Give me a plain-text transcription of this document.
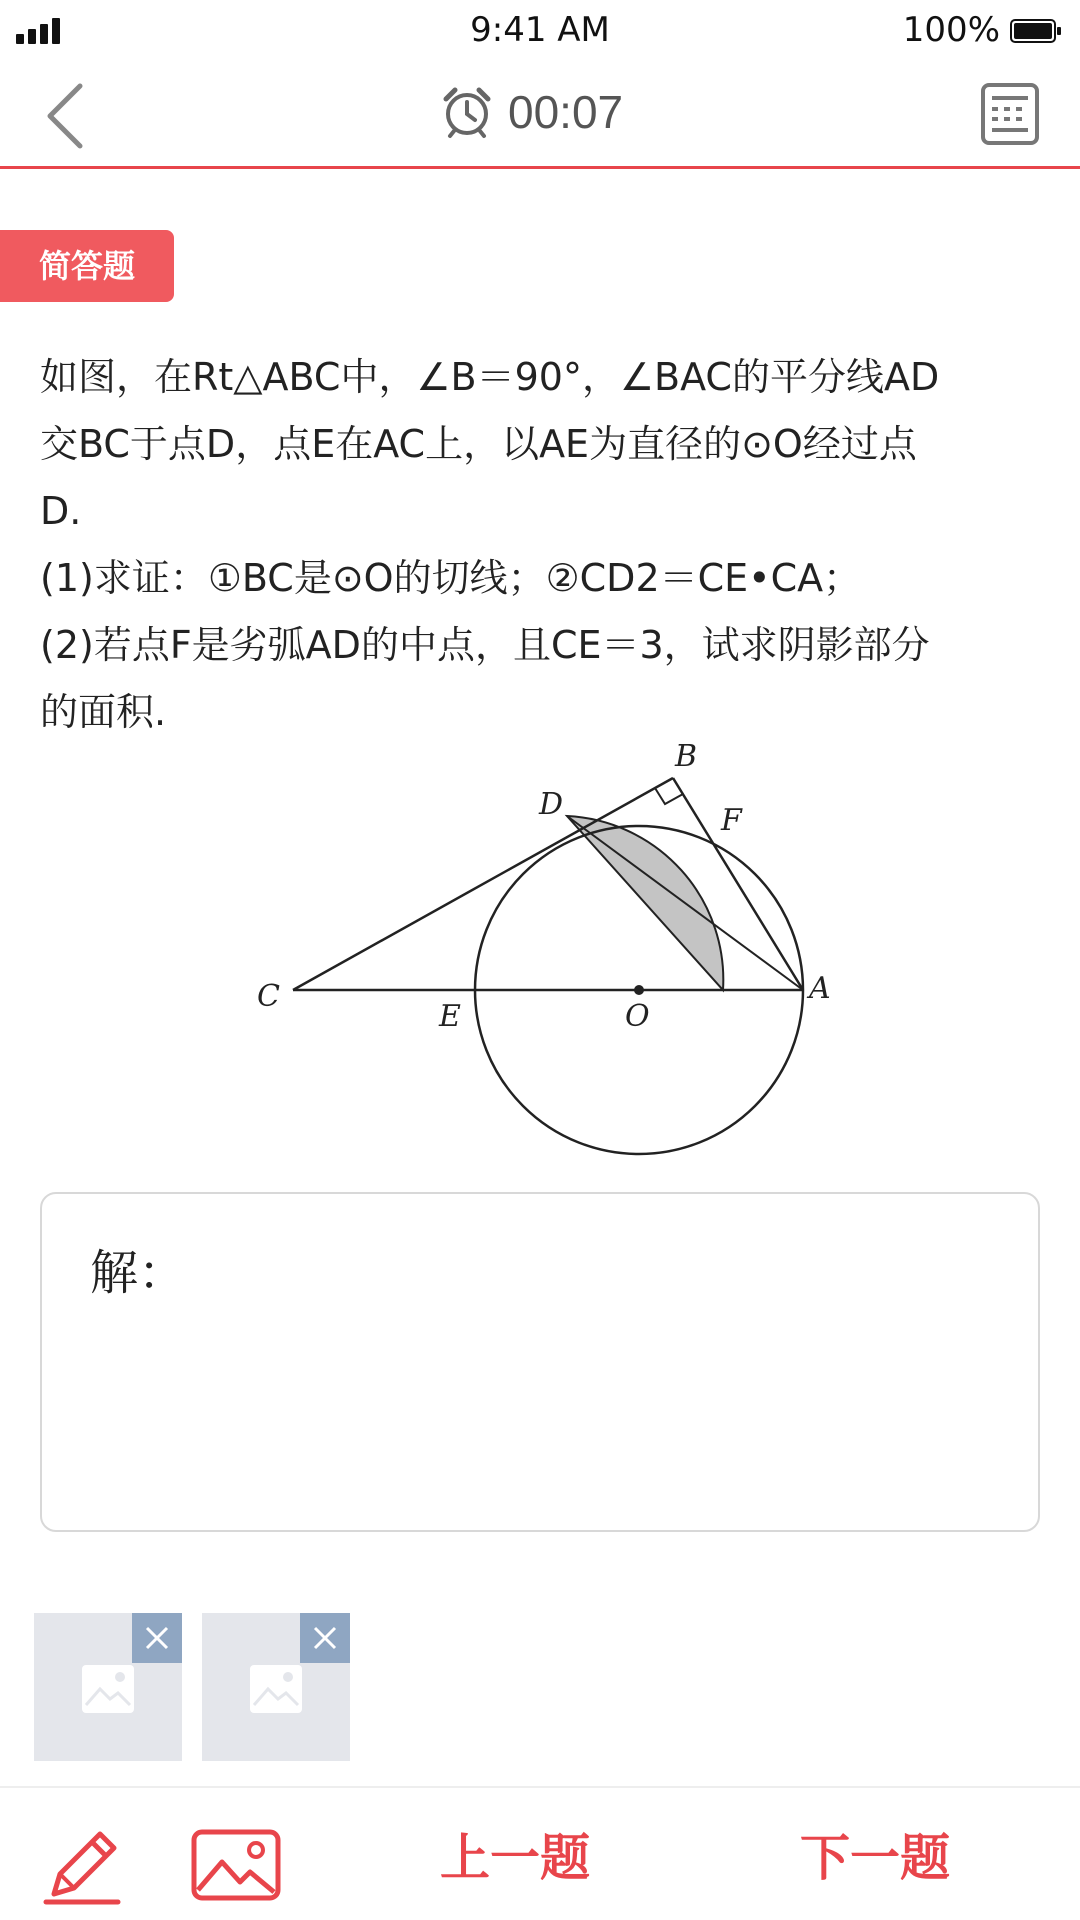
9:41 AM	100%
00:07
简答题

如图，在Rt△ABC中，∠B＝90°，∠BAC的平分线AD

交BC于点D，点E在AC上，以AE为直径的⊙O经过点

D.

(1)求证：①BC是⊙O的切线；②CD2＝CE•CA；

(2)若点F是劣弧AD的中点，且CE＝3，试求阴影部分

的面积.

B
D	F
C
E	O
A
解：
上一题	下一题
